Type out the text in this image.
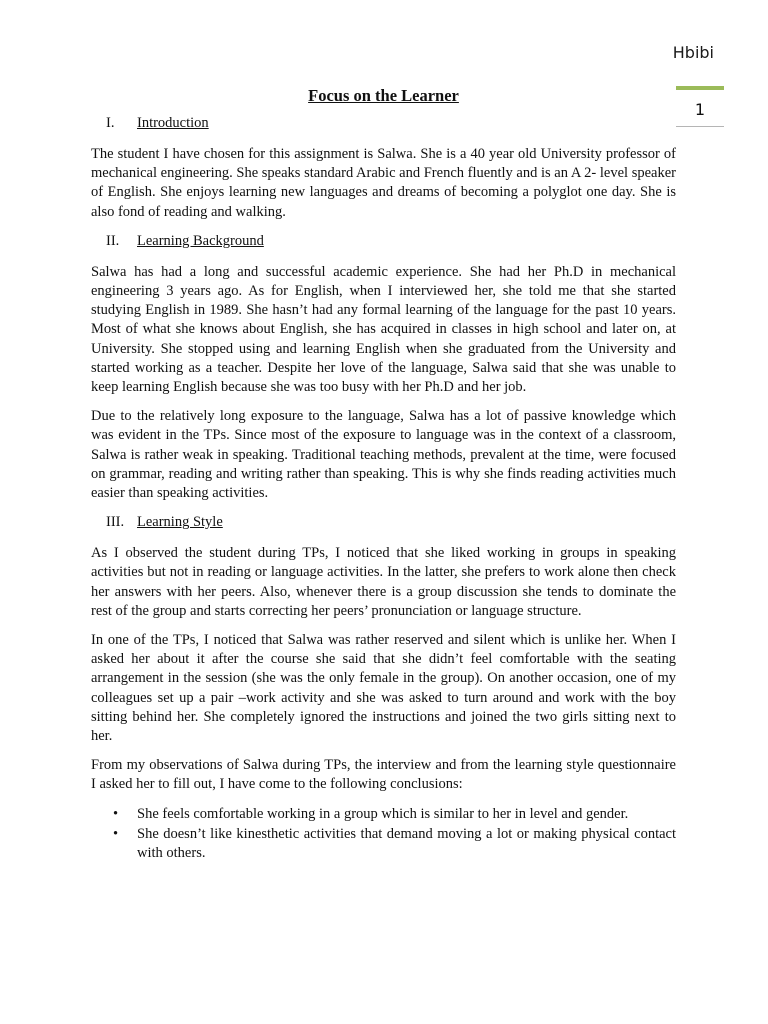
Hbibi
1
Focus on the Learner
I.	Introduction

The student I have chosen for this assignment is Salwa. She is a 40 year old University professor of mechanical engineering. She speaks standard Arabic and French fluently and is an A 2- level speaker of English. She enjoys learning new languages and dreams of becoming a polyglot one day. She is also fond of reading and walking.

II.	Learning Background

Salwa has had a long and successful academic experience. She had her Ph.D in mechanical engineering 3 years ago. As for English, when I interviewed her, she told me that she started studying English in 1989. She hasn’t had any formal learning of the language for the past 10 years. Most of what she knows about English, she has acquired in classes in high school and later on, at University. She stopped using and learning English when she graduated from the University and started working as a teacher. Despite her love of the language, Salwa said that she was unable to keep learning English because she was too busy with her Ph.D and her job.

Due to the relatively long exposure to the language, Salwa has a lot of passive knowledge which was evident in the TPs. Since most of the exposure to language was in the context of a classroom, Salwa is rather weak in speaking. Traditional teaching methods, prevalent at the time, were focused on grammar, reading and writing rather than speaking. This is why she finds reading activities much easier than speaking activities.

III. Learning Style

As I observed the student during TPs, I noticed that she liked working in groups in speaking activities but not in reading or language activities. In the latter, she prefers to work alone then check her answers with her peers. Also, whenever there is a group discussion she tends to dominate the rest of the group and starts correcting her peers’ pronunciation or language structure.

In one of the TPs, I noticed that Salwa was rather reserved and silent which is unlike her. When I asked her about it after the course she said that she didn’t feel comfortable with the seating arrangement in the session (she was the only female in the group). On another occasion, one of my colleagues set up a pair –work activity and she was asked to turn around and work with the boy sitting behind her. She completely ignored the instructions and joined the two girls sitting next to her.

From my observations of Salwa during TPs, the interview and from the learning style questionnaire I asked her to fill out, I have come to the following conclusions:

• She feels comfortable working in a group which is similar to her in level and gender.
• She doesn’t like kinesthetic activities that demand moving a lot or making physical contact with others.
